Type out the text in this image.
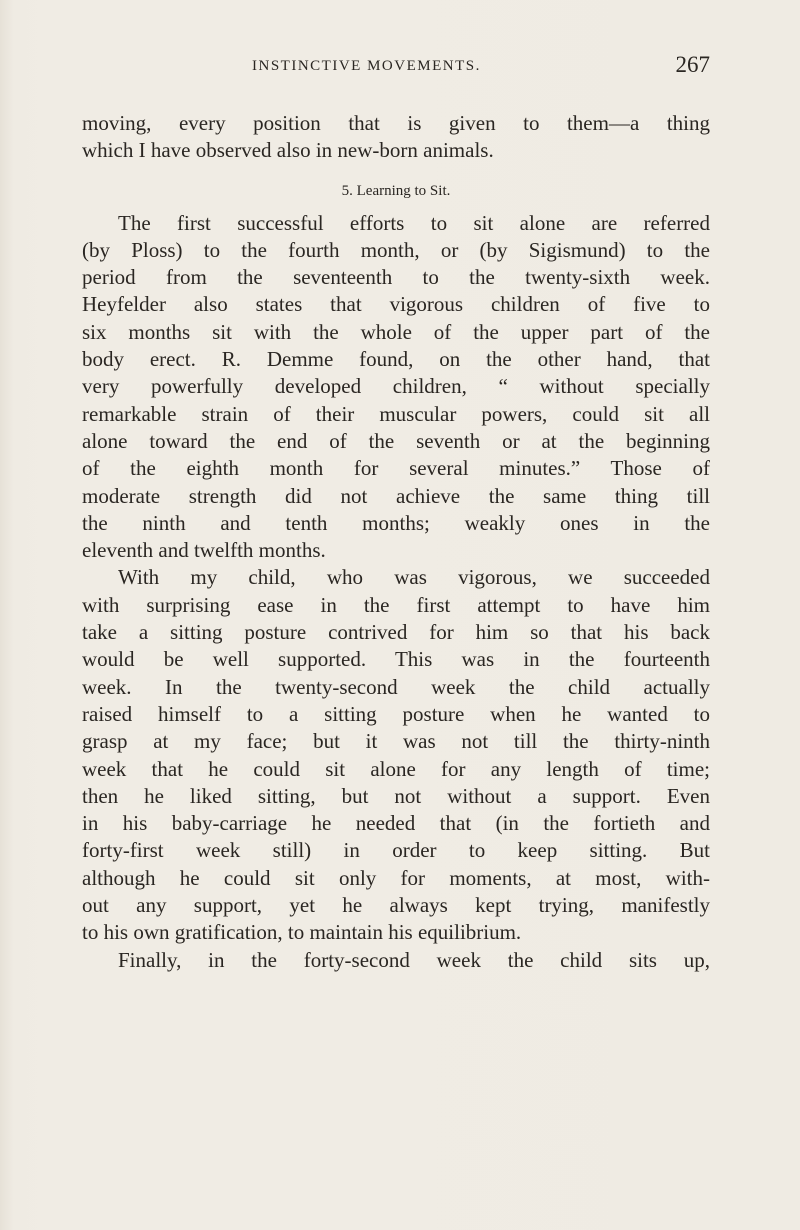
INSTINCTIVE MOVEMENTS.	267
moving, every position that is given to them—a thing
which I have observed also in new-born animals.
5. Learning to Sit.
The first successful efforts to sit alone are referred
(by Ploss) to the fourth month, or (by Sigismund) to the
period from the seventeenth to the twenty-sixth week.
Heyfelder also states that vigorous children of five to
six months sit with the whole of the upper part of the
body erect. R. Demme found, on the other hand, that
very powerfully developed children, “ without specially
remarkable strain of their muscular powers, could sit all
alone toward the end of the seventh or at the beginning
of the eighth month for several minutes.” Those of
moderate strength did not achieve the same thing till
the ninth and tenth months; weakly ones in the
eleventh and twelfth months.
With my child, who was vigorous, we succeeded
with surprising ease in the first attempt to have him
take a sitting posture contrived for him so that his back
would be well supported. This was in the fourteenth
week. In the twenty-second week the child actually
raised himself to a sitting posture when he wanted to
grasp at my face; but it was not till the thirty-ninth
week that he could sit alone for any length of time;
then he liked sitting, but not without a support. Even
in his baby-carriage he needed that (in the fortieth and
forty-first week still) in order to keep sitting. But
although he could sit only for moments, at most, with-
out any support, yet he always kept trying, manifestly
to his own gratification, to maintain his equilibrium.
Finally, in the forty-second week the child sits up,
